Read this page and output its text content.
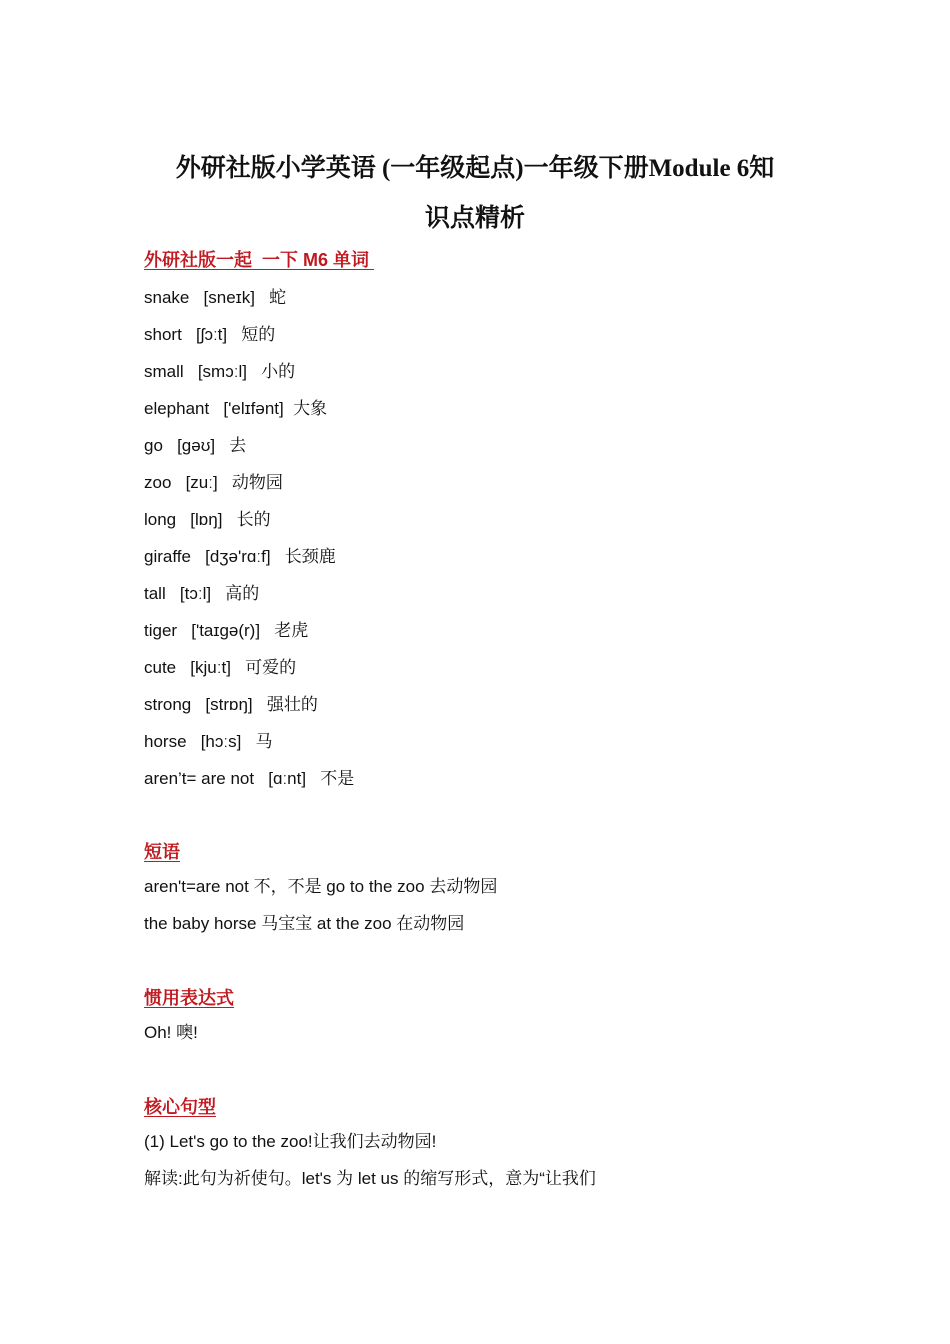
外研社版小学英语 (一年级起点)一年级下册Module 6知
识点精析
外研社版一起  一下 M6 单词
snake   [sneɪk]   蛇
short   [ʃɔːt]   短的
small   [smɔːl]   小的
elephant   ['elɪfənt]  大象
go   [ɡəʊ]   去
zoo   [zuː]   动物园
long   [lɒŋ]   长的
giraffe   [dʒə'rɑːf]   长颈鹿
tall   [tɔːl]   高的
tiger   ['taɪɡə(r)]   老虎
cute   [kjuːt]   可爱的
strong   [strɒŋ]   强壮的
horse   [hɔːs]   马
aren’t= are not   [ɑːnt]   不是
短语
aren't=are not 不，不是 go to the zoo 去动物园
the baby horse 马宝宝 at the zoo 在动物园
惯用表达式
Oh! 噢!
核心句型
(1) Let's go to the zoo!让我们去动物园!
解读:此句为祈使句。let's 为 let us 的缩写形式，意为“让我们
